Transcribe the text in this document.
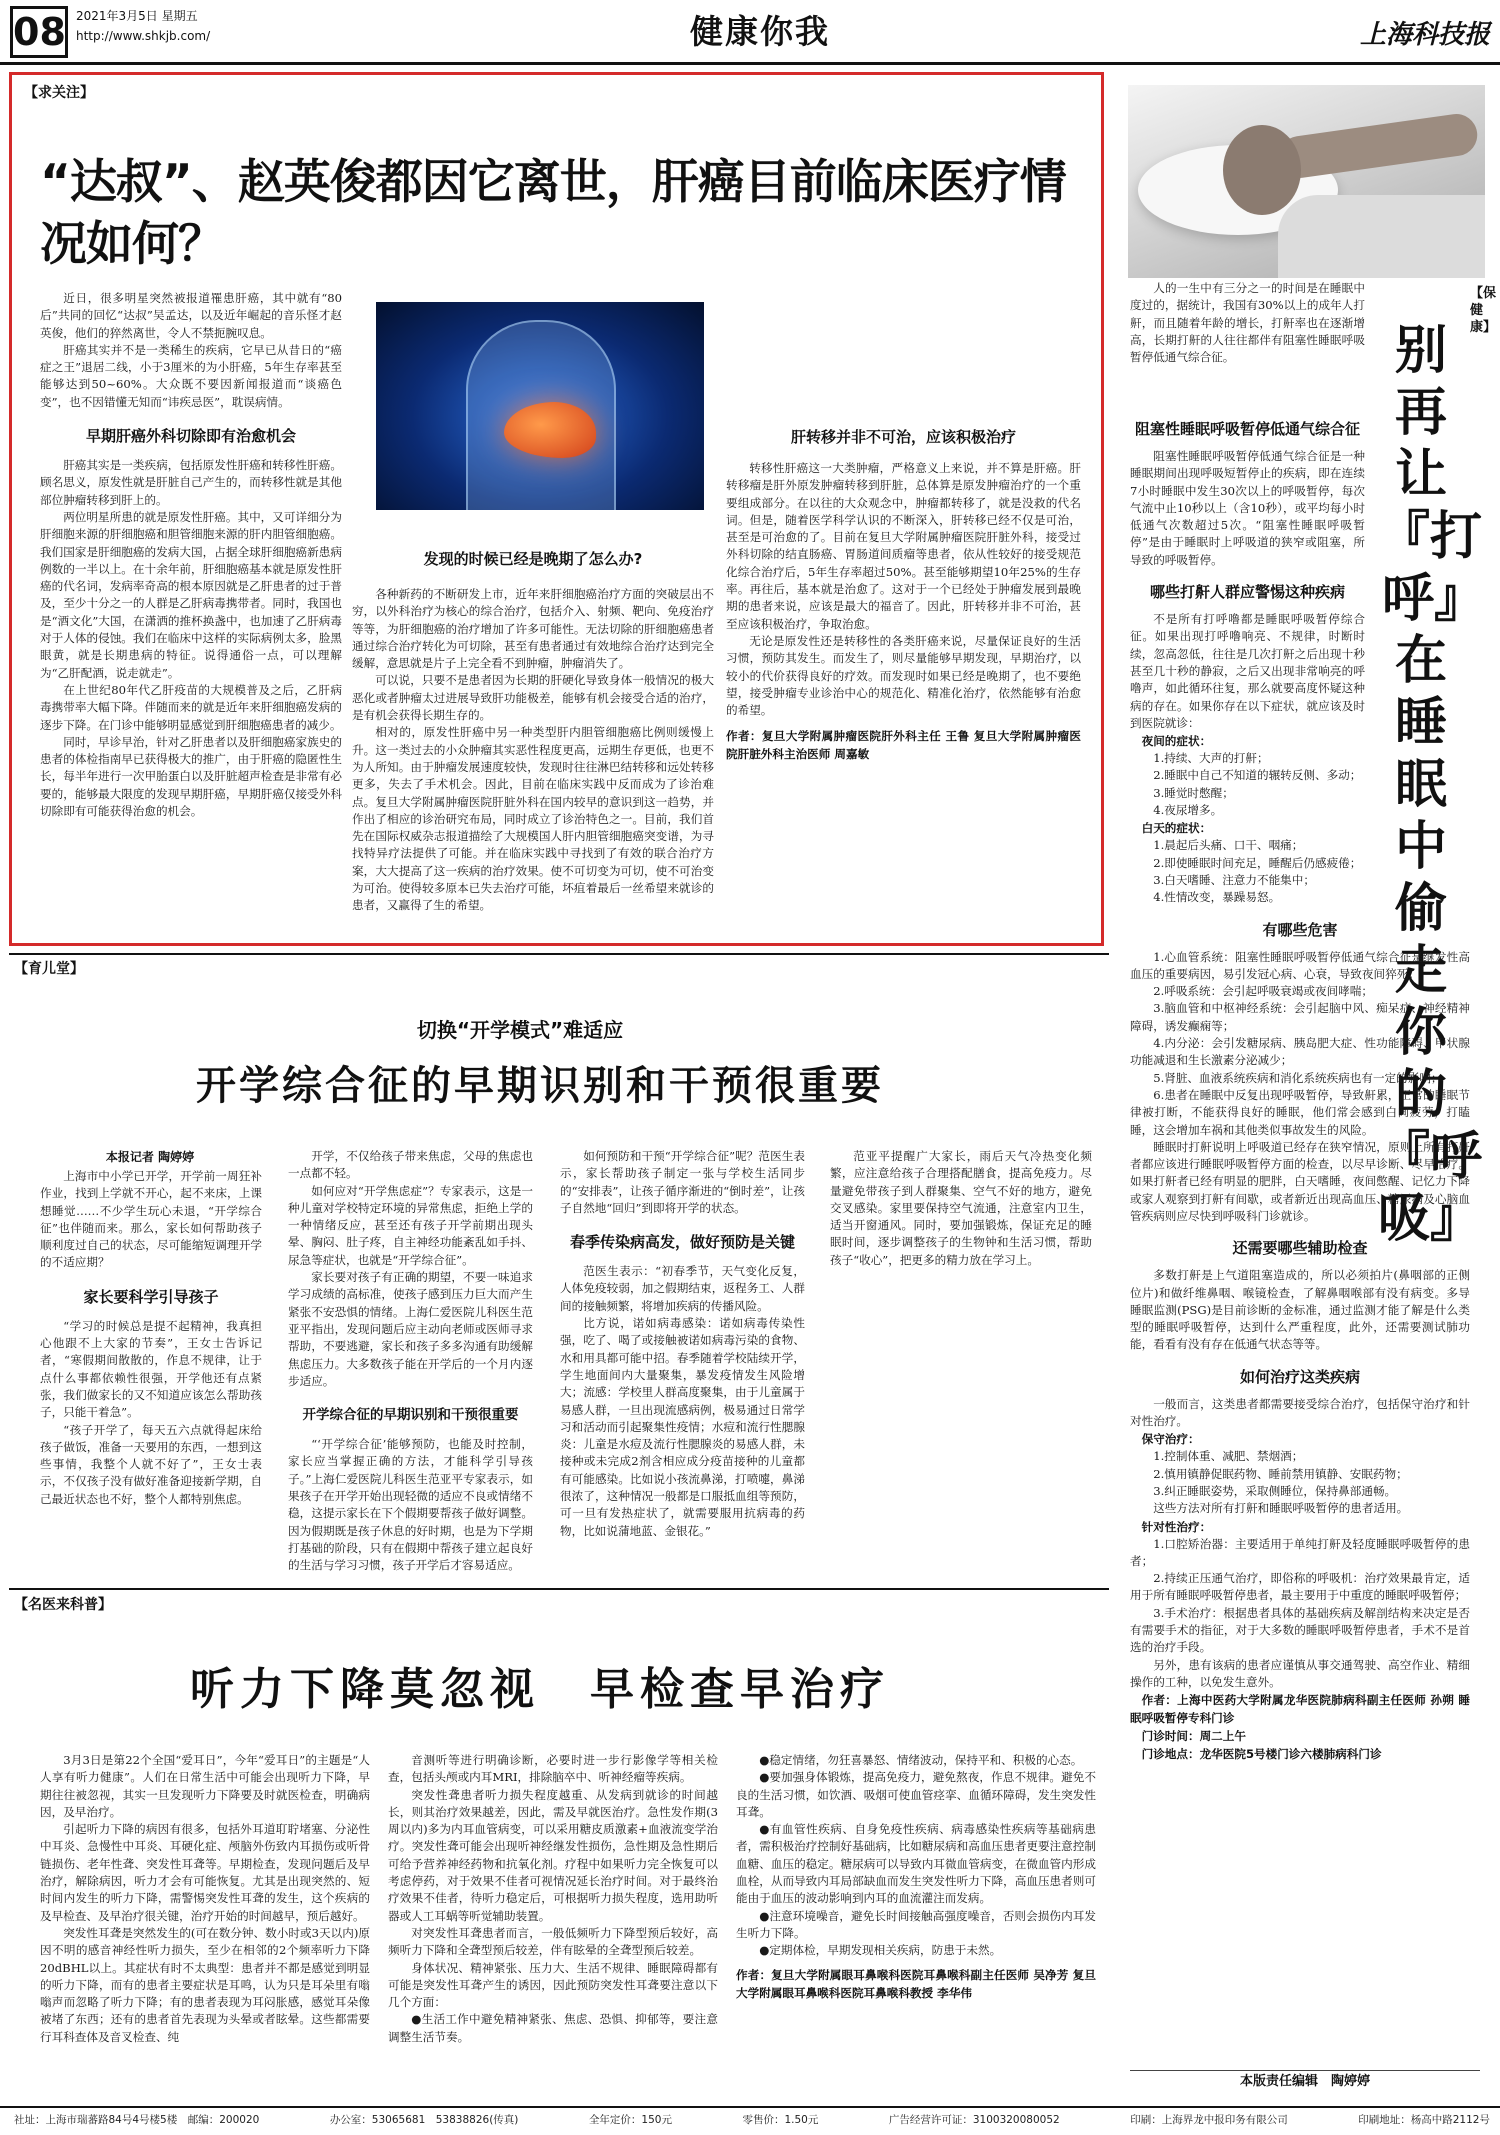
08 2021年3月5日 星期五
http://www.shkjb.com/	健康你我	上海科技报
【求关注】
“达叔”、赵英俊都因它离世，肝癌目前临床医疗情况如何？

近日，很多明星突然被报道罹患肝癌，其中就有“80后”共同的回忆“达叔”吴孟达，以及近年崛起的音乐怪才赵英俊，他们的猝然离世，令人不禁扼腕叹息。

肝癌其实并不是一类稀生的疾病，它早已从昔日的“癌症之王”退居二线，小于3厘米的为小肝癌，5年生存率甚至能够达到50~60%。大众既不要因新闻报道而“谈癌色变”，也不因错懂无知而“讳疾忌医”，耽误病情。

早期肝癌外科切除即有治愈机会

肝癌其实是一类疾病，包括原发性肝癌和转移性肝癌。顾名思义，原发性就是肝脏自己产生的，而转移性就是其他部位肿瘤转移到肝上的。

两位明星所患的就是原发性肝癌。其中，又可详细分为肝细胞来源的肝细胞癌和胆管细胞来源的肝内胆管细胞癌。我们国家是肝细胞癌的发病大国，占据全球肝细胞癌新患病例数的一半以上。在十余年前，肝细胞癌基本就是原发性肝癌的代名词，发病率奇高的根本原因就是乙肝患者的过于普及，至少十分之一的人群是乙肝病毒携带者。同时，我国也是“酒文化”大国，在潇洒的推杯换盏中，也加速了乙肝病毒对于人体的侵蚀。我们在临床中这样的实际病例太多，脸黑眼黄，就是长期患病的特征。说得通俗一点，可以理解为“乙肝配酒，说走就走”。

在上世纪80年代乙肝疫苗的大规模普及之后，乙肝病毒携带率大幅下降。伴随而来的就是近年来肝细胞癌发病的逐步下降。在门诊中能够明显感觉到肝细胞癌患者的减少。

同时，早诊早治，针对乙肝患者以及肝细胞癌家族史的患者的体检指南早已获得极大的推广，由于肝癌的隐匿性生长，每半年进行一次甲胎蛋白以及肝脏超声检查是非常有必要的，能够最大限度的发现早期肝癌，早期肝癌仅接受外科切除即有可能获得治愈的机会。

发现的时候已经是晚期了怎么办?

各种新药的不断研发上市，近年来肝细胞癌治疗方面的突破层出不穷，以外科治疗为核心的综合治疗，包括介入、射频、靶向、免疫治疗等等，为肝细胞癌的治疗增加了许多可能性。无法切除的肝细胞癌患者通过综合治疗转化为可切除，甚至有患者通过有效地综合治疗达到完全缓解，意思就是片子上完全看不到肿瘤，肿瘤消失了。

可以说，只要不是患者因为长期的肝硬化导致身体一般情况的极大恶化或者肿瘤太过进展导致肝功能极差，能够有机会接受合适的治疗，是有机会获得长期生存的。

相对的，原发性肝癌中另一种类型肝内胆管细胞癌比例则缓慢上升。这一类过去的小众肿瘤其实恶性程度更高，远期生存更低，也更不为人所知。由于肿瘤发展速度较快，发现时往往淋巴结转移和远处转移更多，失去了手术机会。因此，目前在临床实践中反而成为了诊治难点。复旦大学附属肿瘤医院肝脏外科在国内较早的意识到这一趋势，并作出了相应的诊治研究布局，同时成立了诊治特色之一。目前，我们首先在国际权威杂志报道描绘了大规模国人肝内胆管细胞癌突变谱，为寻找特异疗法提供了可能。并在临床实践中寻找到了有效的联合治疗方案，大大提高了这一疾病的治疗效果。使不可切变为可切，使不可治变为可治。使得较多原本已失去治疗可能，坏疽着最后一丝希望来就诊的患者，又赢得了生的希望。

肝转移并非不可治，应该积极治疗

转移性肝癌这一大类肿瘤，严格意义上来说，并不算是肝癌。肝转移瘤是肝外原发肿瘤转移到肝脏，总体算是原发肿瘤治疗的一个重要组成部分。在以往的大众观念中，肿瘤都转移了，就是没救的代名词。但是，随着医学科学认识的不断深入，肝转移已经不仅是可治，甚至是可治愈的了。目前在复旦大学附属肿瘤医院肝脏外科，接受过外科切除的结直肠癌、胃肠道间质瘤等患者，依从性较好的接受规范化综合治疗后，5年生存率超过50%。甚至能够期望10年25%的生存率。再往后，基本就是治愈了。这对于一个已经处于肿瘤发展到最晚期的患者来说，应该是最大的福音了。因此，肝转移并非不可治，甚至应该积极治疗，争取治愈。

无论是原发性还是转移性的各类肝癌来说，尽量保证良好的生活习惯，预防其发生。而发生了，则尽量能够早期发现，早期治疗，以较小的代价获得良好的疗效。而发现时如果已经是晚期了，也不要绝望，接受肿瘤专业诊治中心的规范化、精准化治疗，依然能够有治愈的希望。

作者：复旦大学附属肿瘤医院肝外科主任 王鲁 复旦大学附属肿瘤医院肝脏外科主治医师 周嘉敏
【保健康】
别再让『打呼』在睡眠中偷走你的『呼吸』

人的一生中有三分之一的时间是在睡眠中度过的，据统计，我国有30%以上的成年人打鼾，而且随着年龄的增长，打鼾率也在逐渐增高，长期打鼾的人往往都伴有阻塞性睡眠呼吸暂停低通气综合征。

阻塞性睡眠呼吸暂停低通气综合征

阻塞性睡眠呼吸暂停低通气综合征是一种睡眠期间出现呼吸短暂停止的疾病，即在连续7小时睡眠中发生30次以上的呼吸暂停，每次气流中止10秒以上（含10秒），或平均每小时低通气次数超过5次。“阻塞性睡眠呼吸暂停”是由于睡眠时上呼吸道的狭窄或阻塞，所导致的呼吸暂停。

哪些打鼾人群应警惕这种疾病

不是所有打呼噜都是睡眠呼吸暂停综合征。如果出现打呼噜响亮、不规律，时断时续，忽高忽低，往往是几次打鼾之后出现十秒甚至几十秒的静寂，之后又出现非常响亮的呼噜声，如此循环往复，那么就要高度怀疑这种病的存在。如果你存在以下症状，就应该及时到医院就诊：

夜间的症状：

1.持续、大声的打鼾；

2.睡眠中自己不知道的辗转反侧、多动；

3.睡觉时憋醒；

4.夜尿增多。

白天的症状：

1.晨起后头痛、口干、咽痛；

2.即使睡眠时间充足，睡醒后仍感疲倦；

3.白天嗜睡、注意力不能集中；

4.性情改变，暴躁易怒。

有哪些危害

1.心血管系统：阻塞性睡眠呼吸暂停低通气综合征是继发性高血压的重要病因，易引发冠心病、心衰，导致夜间猝死；

2.呼吸系统：会引起呼吸衰竭或夜间哮喘；

3.脑血管和中枢神经系统：会引起脑中风、痴呆症、神经精神障碍，诱发癫痫等；

4.内分泌：会引发糖尿病、胰岛肥大症、性功能障碍、甲状腺功能减退和生长激素分泌减少；

5.肾脏、血液系统疾病和消化系统疾病也有一定的影响；

6.患者在睡眠中反复出现呼吸暂停，导致鼾累，正常的睡眠节律被打断，不能获得良好的睡眠，他们常会感到白间疲劳，打瞌睡，这会增加车祸和其他类似事故发生的风险。

睡眠时打鼾说明上呼吸道已经存在狭窄情况，原则上所有打鼾者都应该进行睡眠呼吸暂停方面的检查，以尽早诊断、尽早治疗。如果打鼾者已经有明显的肥胖，白天嗜睡，夜间憋醒、记忆力下降或家人观察到打鼾有间歇，或者新近出现高血压、糖尿病及心脑血管疾病则应尽快到呼吸科门诊就诊。

还需要哪些辅助检查

多数打鼾是上气道阻塞造成的，所以必须拍片(鼻咽部的正侧位片)和做纤维鼻咽、喉镜检查，了解鼻咽喉部有没有病变。多导睡眠监测(PSG)是目前诊断的金标准，通过监测才能了解是什么类型的睡眠呼吸暂停，达到什么严重程度，此外，还需要测试肺功能，看看有没有存在低通气状态等等。

如何治疗这类疾病

一般而言，这类患者都需要接受综合治疗，包括保守治疗和针对性治疗。

保守治疗：

1.控制体重、减肥、禁烟酒；

2.慎用镇静促眠药物、睡前禁用镇静、安眠药物；

3.纠正睡眠姿势，采取侧睡位，保持鼻部通畅。

这些方法对所有打鼾和睡眠呼吸暂停的患者适用。

针对性治疗：

1.口腔矫治器：主要适用于单纯打鼾及轻度睡眠呼吸暂停的患者；

2.持续正压通气治疗，即俗称的呼吸机：治疗效果最肯定，适用于所有睡眠呼吸暂停患者，最主要用于中重度的睡眠呼吸暂停；

3.手术治疗：根据患者具体的基础疾病及解剖结构来决定是否有需要手术的指征，对于大多数的睡眠呼吸暂停患者，手术不是首选的治疗手段。

另外，患有该病的患者应谨慎从事交通驾驶、高空作业、精细操作的工种，以免发生意外。

作者：上海中医药大学附属龙华医院肺病科副主任医师 孙朔 睡眠呼吸暂停专科门诊
门诊时间：周二上午
门诊地点：龙华医院5号楼门诊六楼肺病科门诊
【育儿堂】
切换“开学模式”难适应
开学综合征的早期识别和干预很重要
本报记者 陶婷婷

上海市中小学已开学，开学前一周狂补作业，找到上学就不开心，起不来床，上课想睡觉……不少学生玩心未退，“开学综合征”也伴随而来。那么，家长如何帮助孩子顺利度过自己的状态，尽可能缩短调理开学的不适应期？

家长要科学引导孩子

“学习的时候总是提不起精神，我真担心他跟不上大家的节奏”，王女士告诉记者，“寒假期间散散的，作息不规律，让于点什么事都依赖性很强，开学他还有点紧张，我们做家长的又不知道应该怎么帮助孩子，只能干着急”。

“孩子开学了，每天五六点就得起床给孩子做饭，准备一天要用的东西，一想到这些事情，我整个人就不好了”，王女士表示，不仅孩子没有做好准备迎接新学期，自己最近状态也不好，整个人都特别焦虑。

开学，不仅给孩子带来焦虑，父母的焦虑也一点都不轻。

如何应对“开学焦虑症”？专家表示，这是一种儿童对学校特定环境的异常焦虑，拒绝上学的一种情绪反应，甚至还有孩子开学前期出现头晕、胸闷、肚子疼，自主神经功能紊乱如手抖、尿急等症状，也就是“开学综合征”。

家长要对孩子有正确的期望，不要一味追求学习成绩的高标准，使孩子感到压力巨大而产生紧张不安恐惧的情绪。上海仁爱医院儿科医生范亚平指出，发现问题后应主动向老师或医师寻求帮助，不要逃避，家长和孩子多多沟通有助缓解焦虑压力。大多数孩子能在开学后的一个月内逐步适应。

开学综合征的早期识别和干预很重要

“‘开学综合征’能够预防，也能及时控制，家长应当掌握正确的方法，才能科学引导孩子。”上海仁爱医院儿科医生范亚平专家表示，如果孩子在开学开始出现轻微的适应不良或情绪不稳，这提示家长在下个假期要帮孩子做好调整。因为假期既是孩子休息的好时期，也是为下学期打基础的阶段，只有在假期中帮孩子建立起良好的生活与学习习惯，孩子开学后才容易适应。

如何预防和干预“开学综合征”呢？范医生表示，家长帮助孩子制定一张与学校生活同步的“安排表”，让孩子循序渐进的“倒时差”，让孩子自然地“回归”到即将开学的状态。

春季传染病高发，做好预防是关键

范医生表示：“初春季节，天气变化反复，人体免疫较弱，加之假期结束，返程务工、人群间的接触频繁，将增加疾病的传播风险。

比方说，诺如病毒感染：诺如病毒传染性强，吃了、喝了或接触被诺如病毒污染的食物、水和用具都可能中招。春季随着学校陆续开学，学生地面间内大量聚集，暴发疫情发生风险增大；流感：学校里人群高度聚集，由于儿童属于易感人群，一旦出现流感病例，极易通过日常学习和活动而引起聚集性疫情；水痘和流行性腮腺炎：儿童是水痘及流行性腮腺炎的易感人群，未接种或未完成2剂含相应成分疫苗接种的儿童都有可能感染。比如说小孩流鼻涕，打喷嚏，鼻涕很浓了，这种情况一般都是口服抵血组等预防，可一旦有发热症状了，就需要服用抗病毒的药物，比如说蒲地蓝、金银花。”

范亚平提醒广大家长，雨后天气冷热变化频繁，应注意给孩子合理搭配膳食，提高免疫力。尽量避免带孩子到人群聚集、空气不好的地方，避免交叉感染。家里要保持空气流通，注意室内卫生，适当开窗通风。同时，要加强锻炼，保证充足的睡眠时间，逐步调整孩子的生物钟和生活习惯，帮助孩子“收心”，把更多的精力放在学习上。

【名医来科普】
听力下降莫忽视　早检查早治疗

3月3日是第22个全国“爱耳日”，今年“爱耳日”的主题是“人人享有听力健康”。人们在日常生活中可能会出现听力下降，早期往往被忽视，其实一旦发现听力下降要及时就医检查，明确病因，及早治疗。

引起听力下降的病因有很多，包括外耳道耵聍堵塞、分泌性中耳炎、急慢性中耳炎、耳硬化症、颅脑外伤致内耳损伤或听骨链损伤、老年性聋、突发性耳聋等。早期检查，发现问题后及早治疗，解除病因，听力才会有可能恢复。尤其是出现突然的、短时间内发生的听力下降，需警惕突发性耳聋的发生，这个疾病的及早检查、及早治疗很关键，治疗开始的时间越早，预后越好。

突发性耳聋是突然发生的(可在数分钟、数小时或3天以内)原因不明的感音神经性听力损失，至少在相邻的2个频率听力下降20dBHL以上。其症状有时不太典型：患者并不都是感觉到明显的听力下降，而有的患者主要症状是耳鸣，认为只是耳朵里有嗡嗡声而忽略了听力下降；有的患者表现为耳闷胀感，感觉耳朵像被堵了东西；还有的患者首先表现为头晕或者眩晕。这些都需要行耳科查体及音叉检查、纯

音测听等进行明确诊断，必要时进一步行影像学等相关检查，包括头颅或内耳MRI，排除脑卒中、听神经瘤等疾病。

突发性聋患者听力损失程度越重、从发病到就诊的时间越长，则其治疗效果越差，因此，需及早就医治疗。急性发作期(3周以内)多为内耳血管病变，可以采用糖皮质激素+血液流变学治疗。突发性聋可能会出现听神经继发性损伤，急性期及急性期后可给予营养神经药物和抗氧化剂。疗程中如果听力完全恢复可以考虑停药，对于效果不佳者可视情况延长治疗时间。对于最终治疗效果不佳者，待听力稳定后，可根据听力损失程度，选用助听器或人工耳蜗等听觉辅助装置。

对突发性耳聋患者而言，一般低频听力下降型预后较好，高频听力下降和全聋型预后较差，伴有眩晕的全聋型预后较差。

身体状况、精神紧张、压力大、生活不规律、睡眠障碍都有可能是突发性耳聋产生的诱因，因此预防突发性耳聋要注意以下几个方面：

●生活工作中避免精神紧张、焦虑、恐惧、抑郁等，要注意调整生活节奏。

●稳定情绪，勿狂喜暴怒、情绪波动，保持平和、积极的心态。

●要加强身体锻炼，提高免疫力，避免熬夜，作息不规律。避免不良的生活习惯，如饮酒、吸烟可使血管痉挛、血循环障碍，发生突发性耳聋。

●有血管性疾病、自身免疫性疾病、病毒感染性疾病等基础病患者，需积极治疗控制好基础病，比如糖尿病和高血压患者更要注意控制血糖、血压的稳定。糖尿病可以导致内耳微血管病变，在微血管内形成血栓，从而导致内耳局部缺血而发生突发性听力下降，高血压患者则可能由于血压的波动影响到内耳的血流灌注而发病。

●注意环境噪音，避免长时间接触高强度噪音，否则会损伤内耳发生听力下降。

●定期体检，早期发现相关疾病，防患于未然。

作者：复旦大学附属眼耳鼻喉科医院耳鼻喉科副主任医师 吴净芳 复旦大学附属眼耳鼻喉科医院耳鼻喉科教授 李华伟
本版责任编辑　陶婷婷
社址：上海市瑞蕃路84号4号楼5楼　邮编：200020	办公室：53065681　53838826(传真)	全年定价：150元	零售价：1.50元	广告经营许可证：3100320080052	印刷：上海界龙中报印务有限公司	印刷地址：杨高中路2112号
